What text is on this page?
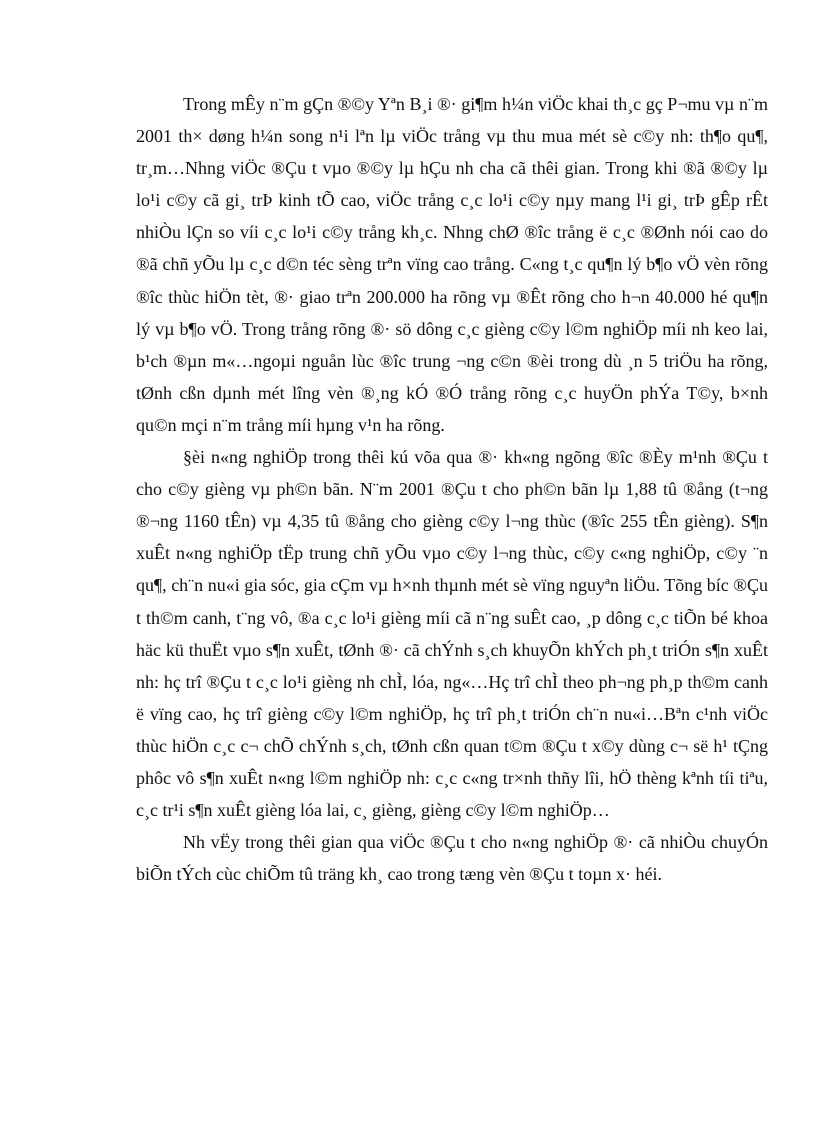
Trong mÊy n¨m gÇn ®©y Yªn B¸i ®· gi¶m h¼n viÖc khai th¸c gç P¬mu vµ n¨m 2001 th× døng h¼n song n¹i lªn lµ viÖc trång vµ thu mua mét sè c©y nh: th¶o qu¶, tr¸m…Nhng viÖc ®Çu t vµo ®©y lµ hÇu nh cha cã thêi gian. Trong khi ®ã ®©y lµ lo¹i c©y cã gi¸ trÞ kinh tÕ cao, viÖc trång c¸c lo¹i c©y nµy mang l¹i gi¸ trÞ gÊp rÊt nhiÒu lÇn so víi c¸c lo¹i c©y trång kh¸c. Nhng chØ ®îc trång ë c¸c ®Ønh nói cao do ®ã chñ yÕu lµ c¸c d©n téc sèng trªn vïng cao trång. C«ng t¸c qu¶n lý b¶o vÖ vèn rõng ®îc thùc hiÖn tèt, ®· giao trªn 200.000 ha rõng vµ ®Êt rõng cho h¬n 40.000 hé qu¶n lý vµ b¶o vÖ. Trong trång rõng ®· sö dông c¸c gièng c©y l©m nghiÖp míi nh keo lai, b¹ch ®µn m«…ngoµi nguån lùc ®îc trung ¬ng c©n ®èi trong dù ¸n 5 triÖu ha rõng, tØnh cßn dµnh mét lîng vèn ®¸ng kÓ ®Ó trång rõng c¸c huyÖn phÝa T©y, b×nh qu©n mçi n¨m trång míi hµng v¹n ha rõng.

§èi n«ng nghiÖp trong thêi kú võa qua ®· kh«ng ngõng ®îc ®Èy m¹nh ®Çu t cho c©y gièng vµ ph©n bãn. N¨m 2001 ®Çu t cho ph©n bãn lµ 1,88 tû ®ång (t¬ng ®¬ng 1160 tÊn) vµ 4,35 tû ®ång cho gièng c©y l¬ng thùc (®îc 255 tÊn gièng). S¶n xuÊt n«ng nghiÖp tËp trung chñ yÕu vµo c©y l¬ng thùc, c©y c«ng nghiÖp, c©y ¨n qu¶, ch¨n nu«i gia sóc, gia cÇm vµ h×nh thµnh mét sè vïng nguyªn liÖu. Tõng bíc ®Çu t th©m canh, t¨ng vô, ®a c¸c lo¹i gièng míi cã n¨ng suÊt cao, ¸p dông c¸c tiÕn bé khoa häc kü thuËt vµo s¶n xuÊt, tØnh ®· cã chÝnh s¸ch khuyÕn khÝch ph¸t triÓn s¶n xuÊt nh: hç trî ®Çu t c¸c lo¹i gièng nh chÌ, lóa, ng«…Hç trî chÌ theo ph¬ng ph¸p th©m canh ë vïng cao, hç trî gièng c©y l©m nghiÖp, hç trî ph¸t triÓn ch¨n nu«i…Bªn c¹nh viÖc thùc hiÖn c¸c c¬ chÕ chÝnh s¸ch, tØnh cßn quan t©m ®Çu t x©y dùng c¬ së h¹ tÇng phôc vô s¶n xuÊt n«ng l©m nghiÖp nh: c¸c c«ng tr×nh thñy lîi, hÖ thèng kªnh tíi tiªu, c¸c tr¹i s¶n xuÊt gièng lóa lai, c¸ gièng, gièng c©y l©m nghiÖp…

Nh vËy trong thêi gian qua viÖc ®Çu t cho n«ng nghiÖp ®· cã nhiÒu chuyÓn biÕn tÝch cùc chiÕm tû träng kh¸ cao trong tæng vèn ®Çu t toµn x· héi.
